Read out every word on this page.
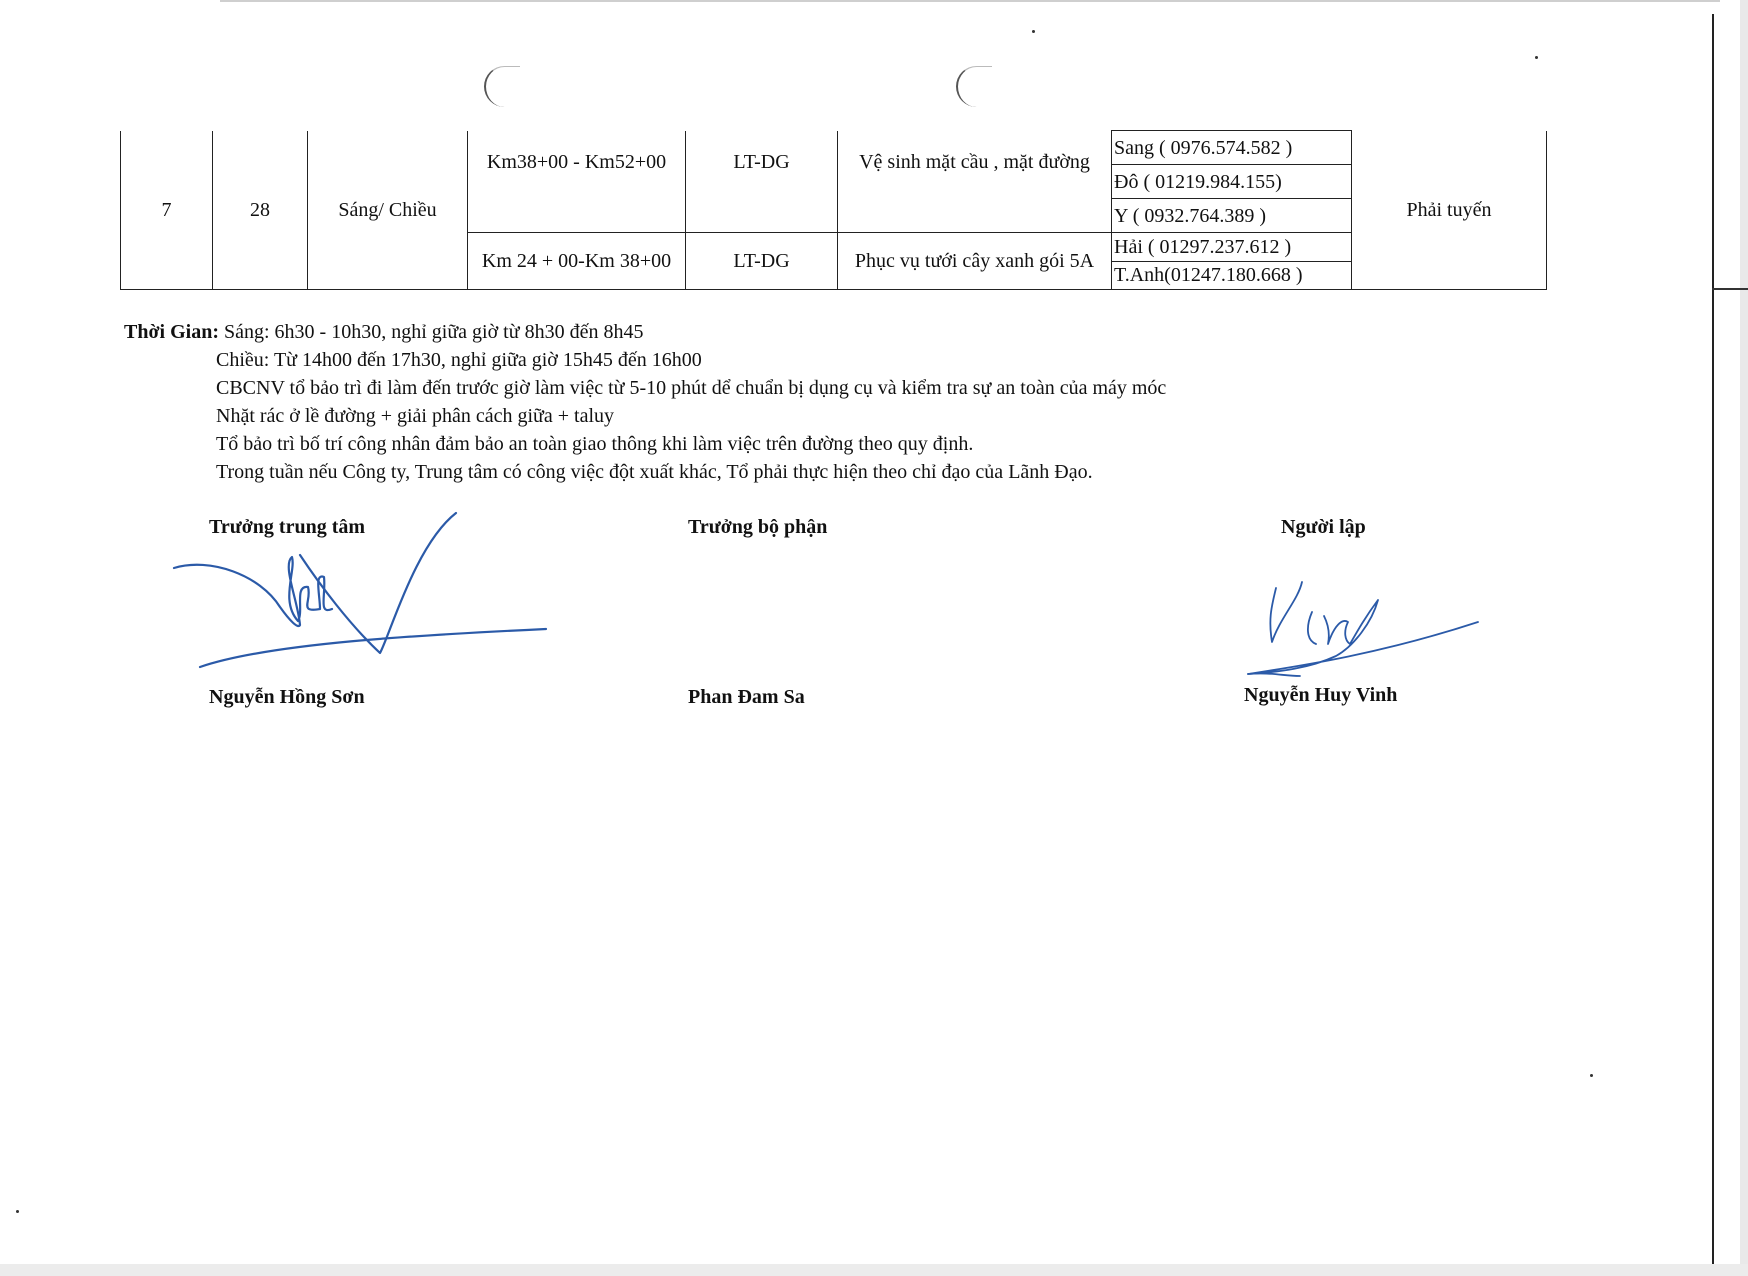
7	28	Sáng/ Chiều	Km38+00 - Km52+00	LT-DG	Vệ sinh mặt cầu , mặt đường	Sang ( 0976.574.582 )
Đô ( 01219.984.155)
Y ( 0932.764.389 )	Phải tuyến
			Km 24 + 00-Km 38+00	LT-DG	Phục vụ tưới cây xanh gói 5A	Hải ( 01297.237.612 )
T.Anh(01247.180.668 )	
Thời Gian: Sáng: 6h30 - 10h30, nghỉ giữa giờ từ 8h30 đến 8h45
Chiều: Từ 14h00 đến 17h30, nghỉ giữa giờ 15h45 đến 16h00
CBCNV tổ bảo trì đi làm đến trước giờ làm việc từ 5-10 phút dể chuẩn bị dụng cụ và kiểm tra sự an toàn của máy móc
Nhặt rác ở lề đường + giải phân cách giữa + taluy
Tổ bảo trì bố trí công nhân đảm bảo an toàn giao thông khi làm việc trên đường theo quy định.
Trong tuần nếu Công ty, Trung tâm có công việc đột xuất khác, Tổ phải thực hiện theo chỉ đạo của Lãnh Đạo.
Trưởng trung tâm	Trưởng bộ phận	Người lập
Nguyễn Hồng Sơn	Phan Đam Sa	Nguyễn Huy Vinh
